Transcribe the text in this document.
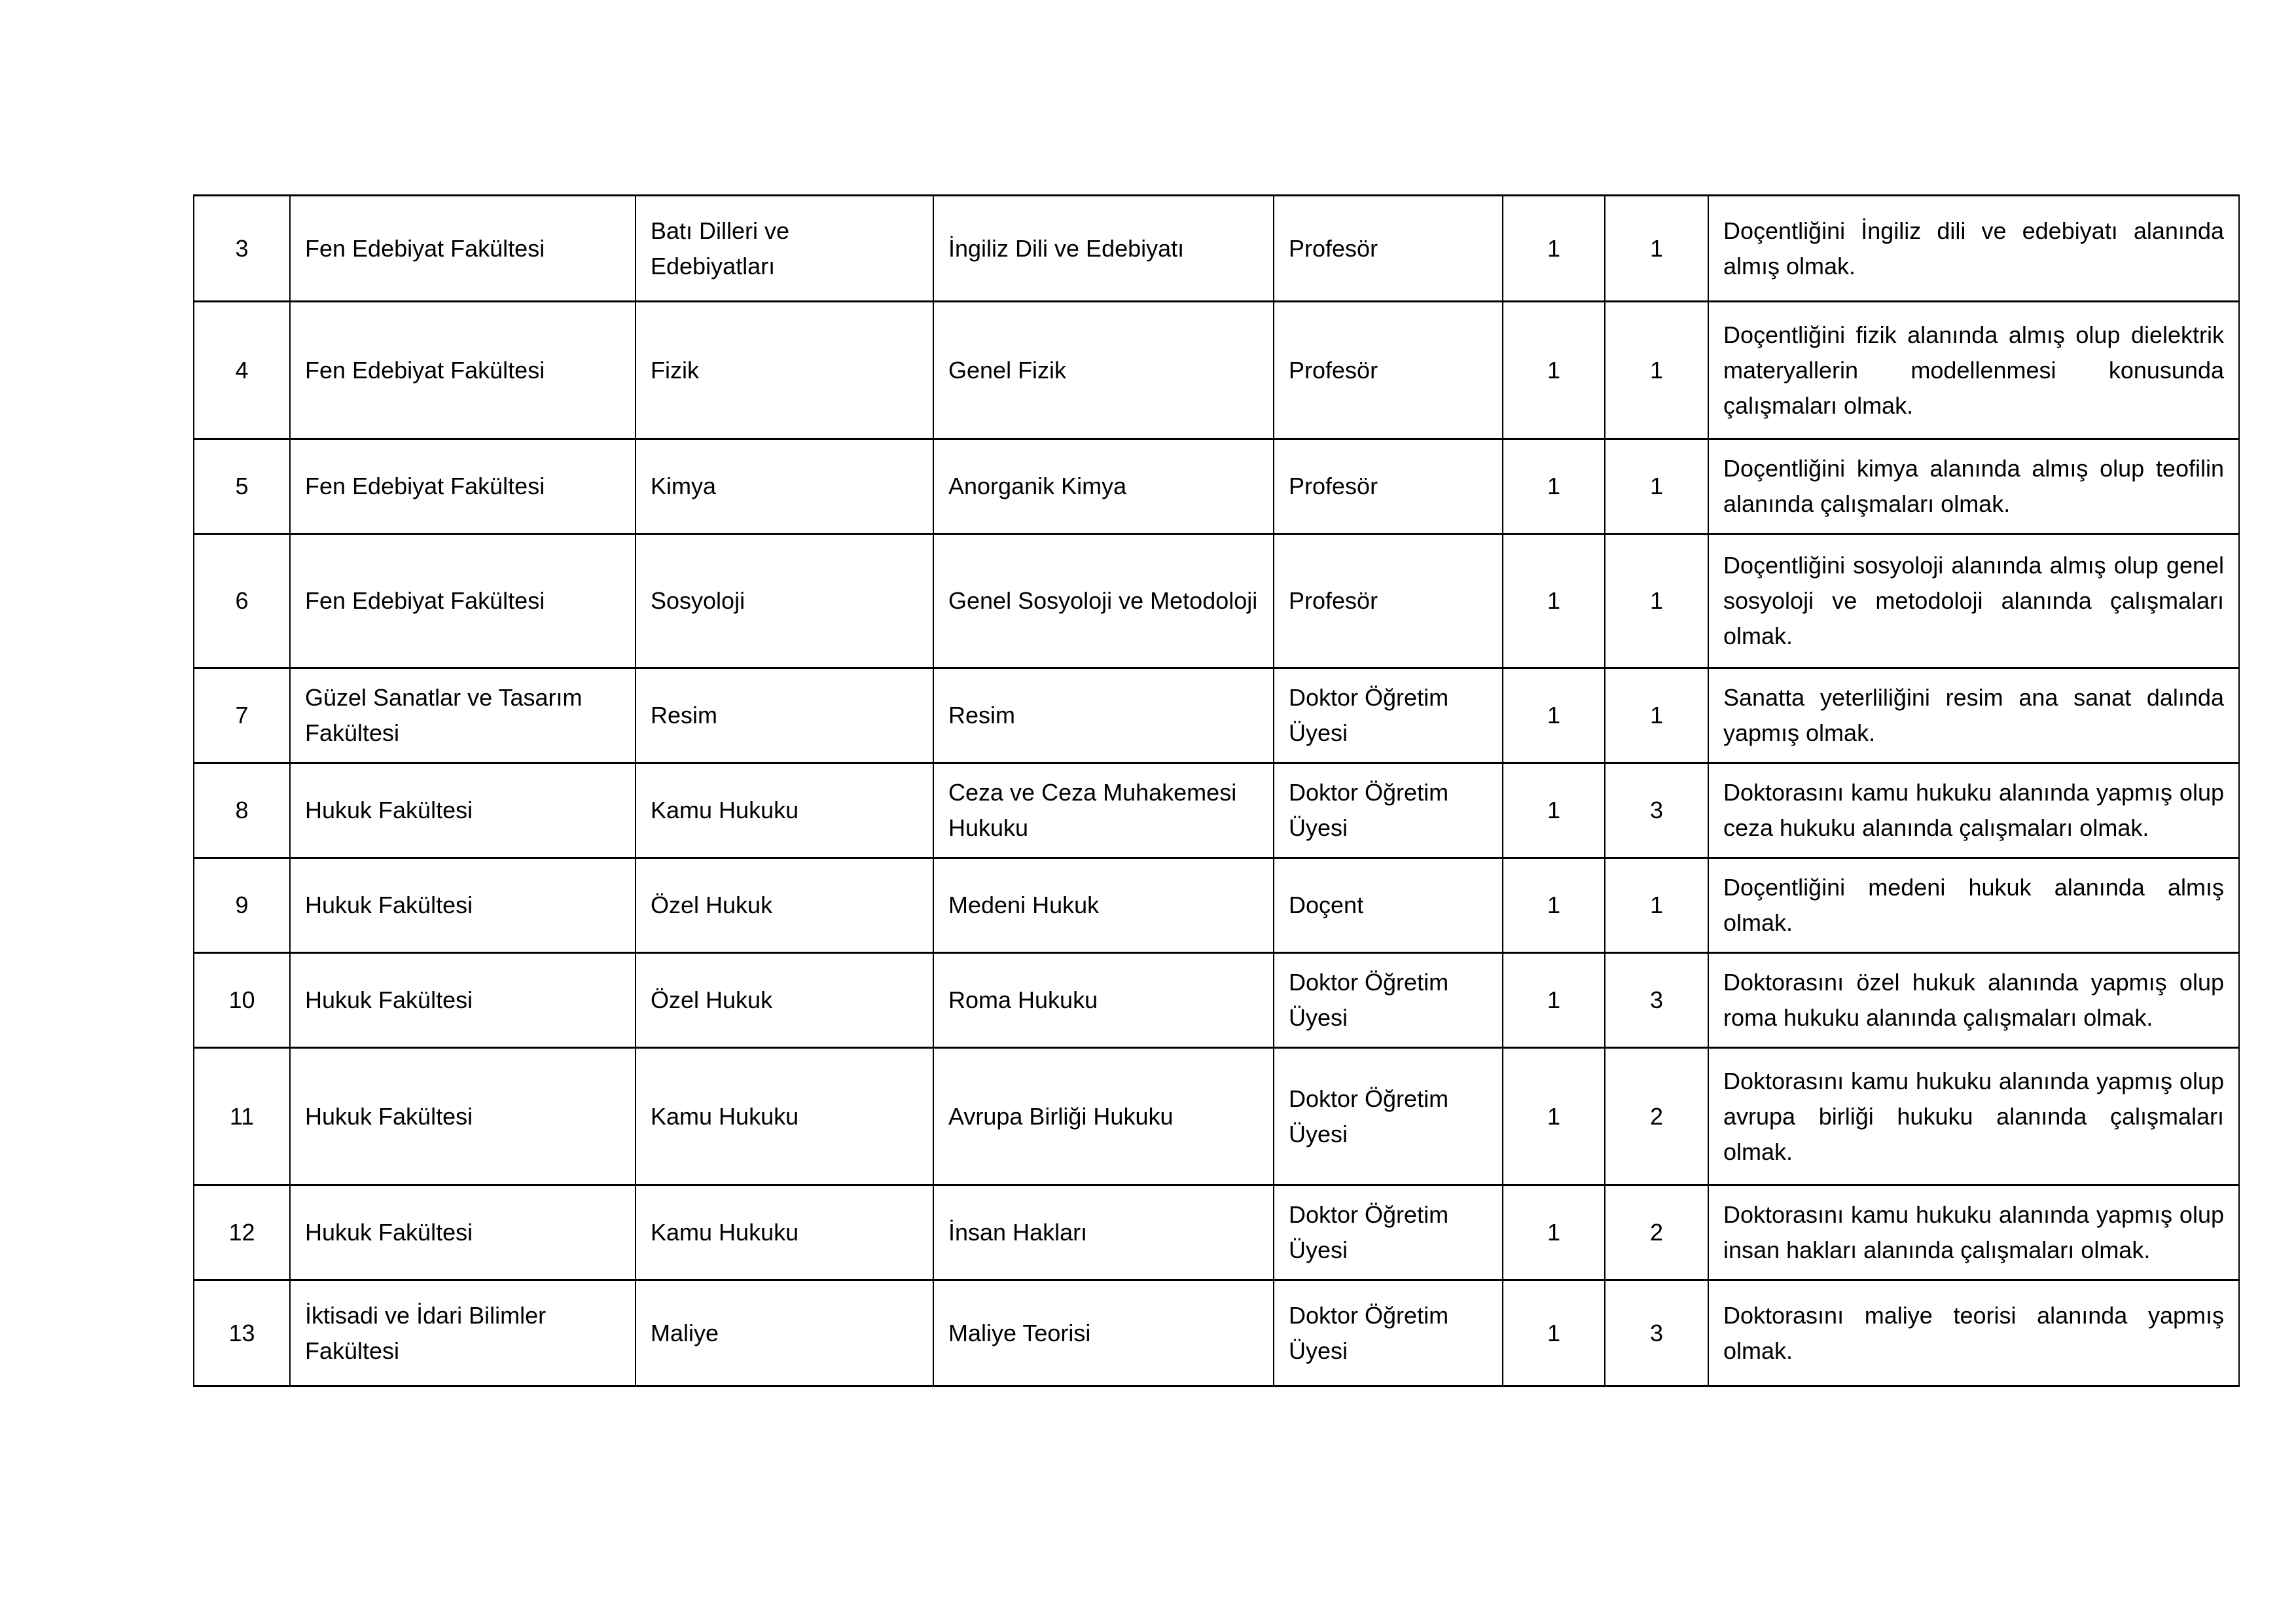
3	Fen Edebiyat Fakültesi	Batı Dilleri ve Edebiyatları	İngiliz Dili ve Edebiyatı	Profesör	1	1	Doçentliğini İngiliz dili ve edebiyatı alanında almış olmak.
4	Fen Edebiyat Fakültesi	Fizik	Genel Fizik	Profesör	1	1	Doçentliğini fizik alanında almış olup dielektrik materyallerin modellenmesi konusunda çalışmaları olmak.
5	Fen Edebiyat Fakültesi	Kimya	Anorganik Kimya	Profesör	1	1	Doçentliğini kimya alanında almış olup teofilin alanında çalışmaları olmak.
6	Fen Edebiyat Fakültesi	Sosyoloji	Genel Sosyoloji ve Metodoloji	Profesör	1	1	Doçentliğini sosyoloji alanında almış olup genel sosyoloji ve metodoloji alanında çalışmaları olmak.
7	Güzel Sanatlar ve Tasarım Fakültesi	Resim	Resim	Doktor Öğretim Üyesi	1	1	Sanatta yeterliliğini resim ana sanat dalında yapmış olmak.
8	Hukuk Fakültesi	Kamu Hukuku	Ceza ve Ceza Muhakemesi Hukuku	Doktor Öğretim Üyesi	1	3	Doktorasını kamu hukuku alanında yapmış olup ceza hukuku alanında çalışmaları olmak.
9	Hukuk Fakültesi	Özel Hukuk	Medeni Hukuk	Doçent	1	1	Doçentliğini medeni hukuk alanında almış olmak.
10	Hukuk Fakültesi	Özel Hukuk	Roma Hukuku	Doktor Öğretim Üyesi	1	3	Doktorasını özel hukuk alanında yapmış olup roma hukuku alanında çalışmaları olmak.
11	Hukuk Fakültesi	Kamu Hukuku	Avrupa Birliği Hukuku	Doktor Öğretim Üyesi	1	2	Doktorasını kamu hukuku alanında yapmış olup avrupa birliği hukuku alanında çalışmaları olmak.
12	Hukuk Fakültesi	Kamu Hukuku	İnsan Hakları	Doktor Öğretim Üyesi	1	2	Doktorasını kamu hukuku alanında yapmış olup insan hakları alanında çalışmaları olmak.
13	İktisadi ve İdari Bilimler Fakültesi	Maliye	Maliye Teorisi	Doktor Öğretim Üyesi	1	3	Doktorasını maliye teorisi alanında yapmış olmak.
